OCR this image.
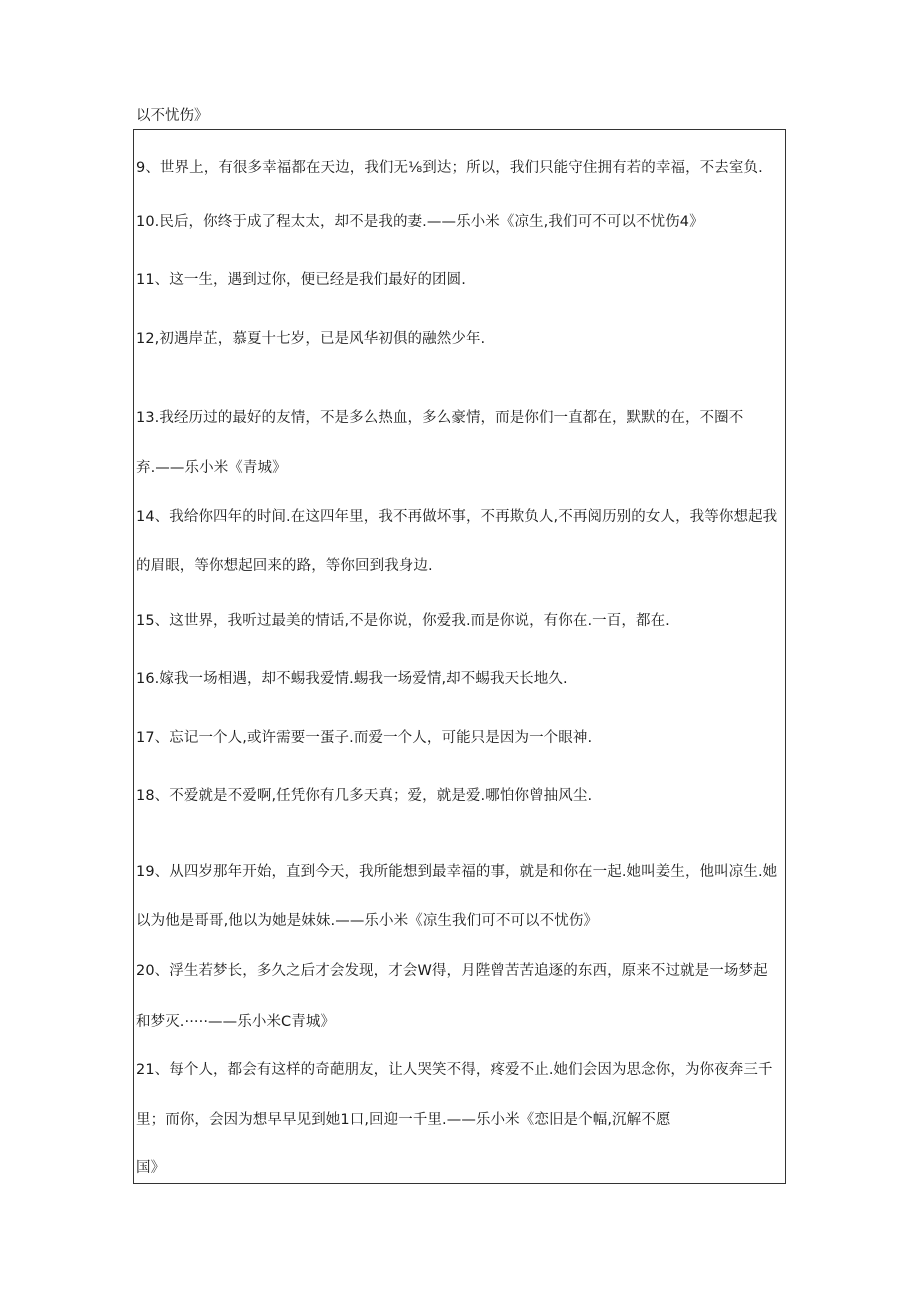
以不忧伤》
9、世界上，有很多幸福都在天边，我们无⅛到达；所以，我们只能守住拥有若的幸福，不去室负.
10.民后，你终于成了程太太，却不是我的妻.——乐小米《凉生,我们可不可以不忧伤4》
11、这一生，遇到过你，便已经是我们最好的团圆.
12,初遇岸芷，慕夏十七岁，已是风华初俱的融然少年.
13.我经历过的最好的友情，不是多么热血，多么豪情，而是你们一直都在，默默的在，不圈不
弃.——乐小米《青城》
14、我给你四年的时间.在这四年里，我不再做坏事，不再欺负人,不再阅历别的女人，我等你想起我
的眉眼，等你想起回来的路，等你回到我身边.
15、这世界，我听过最美的情话,不是你说，你爱我.而是你说，有你在.一百，都在.
16.嫁我一场相遇，却不蜴我爱情.蜴我一场爱情,却不蜴我天长地久.
17、忘记一个人,或许需要一蛋子.而爱一个人，可能只是因为一个眼神.
18、不爱就是不爱啊,任凭你有几多天真；爱，就是爱.哪怕你曾抽风尘.
19、从四岁那年开始，直到今天，我所能想到最幸福的事，就是和你在一起.她叫姜生，他叫凉生.她
以为他是哥哥,他以为她是妹妹.——乐小米《凉生我们可不可以不忧伤》
20、浮生若梦长，多久之后才会发现，才会W得，月陛曾苦苦追逐的东西，原来不过就是一场梦起
和梦灭.·····——乐小米C青城》
21、每个人，都会有这样的奇葩朋友，让人哭笑不得，疼爱不止.她们会因为思念你，为你夜奔三千
里；而你，会因为想早早见到她1口,回迎一千里.——乐小米《恋旧是个幅,沉解不愿
国》
